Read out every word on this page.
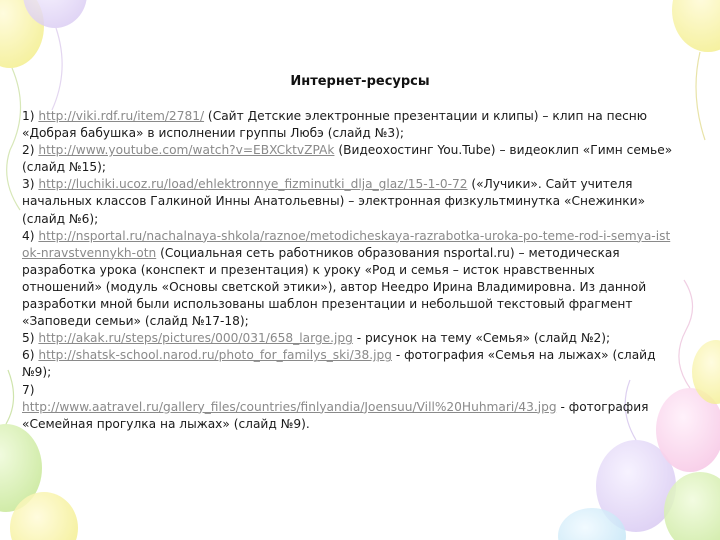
Интернет-ресурсы

1) http://viki.rdf.ru/item/2781/ (Сайт Детские электронные презентации и клипы) – клип на песню «Добрая бабушка» в исполнении группы Любэ (слайд №3);

2) http://www.youtube.com/watch?v=EBXCktvZPAk (Видеохостинг You.Tube) – видеоклип «Гимн семье» (слайд №15);

3) http://luchiki.ucoz.ru/load/ehlektronnye_fizminutki_dlja_glaz/15-1-0-72 («Лучики». Сайт учителя начальных классов Галкиной Инны Анатольевны) – электронная физкультминутка «Снежинки» (слайд №6);

4) http://nsportal.ru/nachalnaya-shkola/raznoe/metodicheskaya-razrabotka-uroka-po-teme-rod-i-semya-istok-nravstvennykh-otn (Социальная сеть работников образования nsportal.ru) – методическая разработка урока (конспект и презентация) к уроку «Род и семья – исток нравственных отношений» (модуль «Основы светской этики»), автор Неедро Ирина Владимировна. Из данной разработки мной были использованы шаблон презентации и небольшой текстовый фрагмент «Заповеди семьи» (слайд №17-18);

5) http://akak.ru/steps/pictures/000/031/658_large.jpg - рисунок на тему «Семья» (слайд №2);

6) http://shatsk-school.narod.ru/photo_for_familys_ski/38.jpg - фотография «Семья на лыжах» (слайд №9);

7)
http://www.aatravel.ru/gallery_files/countries/finlyandia/Joensuu/Vill%20Huhmari/43.jpg - фотография «Семейная прогулка на лыжах» (слайд №9).
